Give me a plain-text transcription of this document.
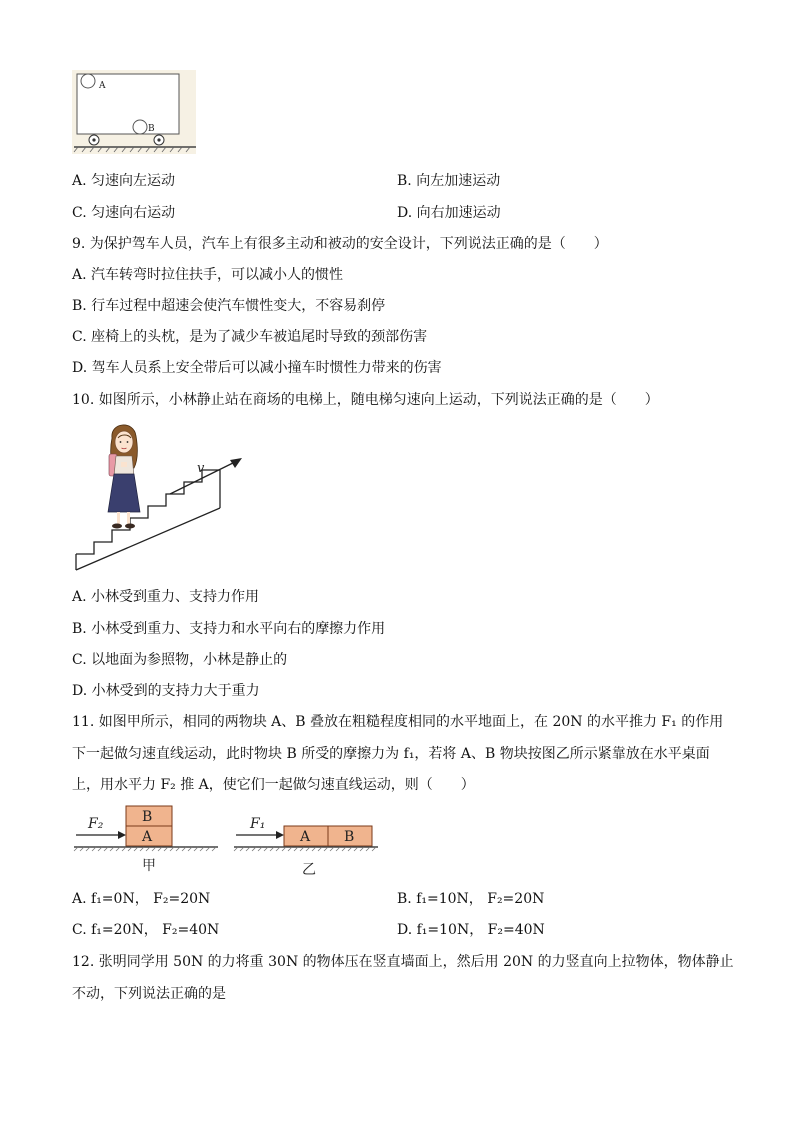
A
B
A. 匀速向左运动	B. 向左加速运动
C. 匀速向右运动	D. 向右加速运动
9. 为保护驾车人员，汽车上有很多主动和被动的安全设计，下列说法正确的是（　　）
A. 汽车转弯时拉住扶手，可以减小人的惯性
B. 行车过程中超速会使汽车惯性变大，不容易刹停
C. 座椅上的头枕，是为了减少车被追尾时导致的颈部伤害
D. 驾车人员系上安全带后可以减小撞车时惯性力带来的伤害
10. 如图所示，小林静止站在商场的电梯上，随电梯匀速向上运动，下列说法正确的是（　　）
v
A. 小林受到重力、支持力作用
B. 小林受到重力、支持力和水平向右的摩擦力作用
C. 以地面为参照物，小林是静止的
D. 小林受到的支持力大于重力
11. 如图甲所示，相同的两物块 A、B 叠放在粗糙程度相同的水平地面上，在 20N 的水平推力 F₁ 的作用
下一起做匀速直线运动，此时物块 B 所受的摩擦力为 f₁，若将 A、B 物块按图乙所示紧靠放在水平桌面
上，用水平力 F₂ 推 A，使它们一起做匀速直线运动，则（　　）
F₂	B
A
甲
F₁
A B
乙
A. f₁=0N， F₂=20N	B. f₁=10N， F₂=20N
C. f₁=20N， F₂=40N	D. f₁=10N， F₂=40N
12. 张明同学用 50N 的力将重 30N 的物体压在竖直墙面上，然后用 20N 的力竖直向上拉物体，物体静止
不动，下列说法正确的是
